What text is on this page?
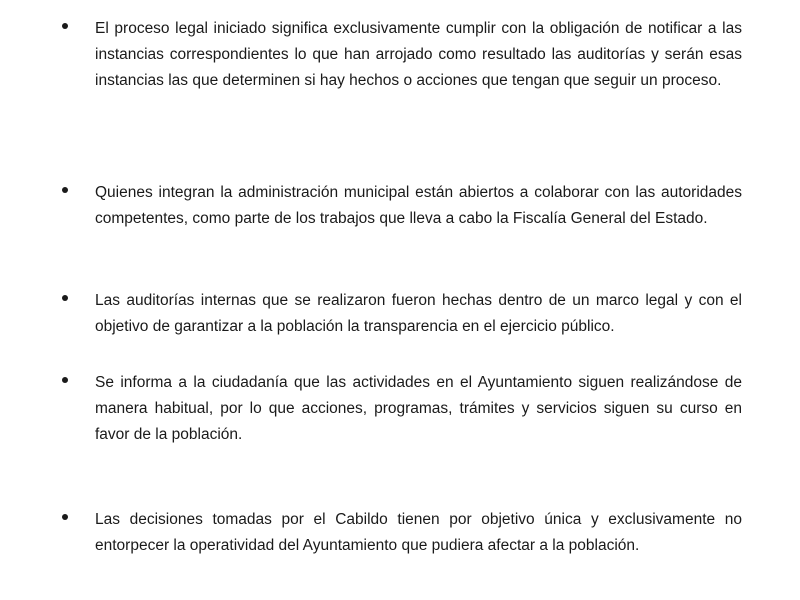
El proceso legal iniciado significa exclusivamente cumplir con la obligación de notificar a las instancias correspondientes lo que han arrojado como resultado las auditorías y serán esas instancias las que determinen si hay hechos o acciones que tengan que seguir un proceso.

Quienes integran la administración municipal están abiertos a colaborar con las autoridades competentes, como parte de los trabajos que lleva a cabo la Fiscalía General del Estado.

Las auditorías internas que se realizaron fueron hechas dentro de un marco legal y con el objetivo de garantizar a la población la transparencia en el ejercicio público.

Se informa a la ciudadanía que las actividades en el Ayuntamiento siguen realizándose de manera habitual, por lo que acciones, programas, trámites y servicios siguen su curso en favor de la población.

Las decisiones tomadas por el Cabildo tienen por objetivo única y exclusivamente no entorpecer la operatividad del Ayuntamiento que pudiera afectar a la población.
